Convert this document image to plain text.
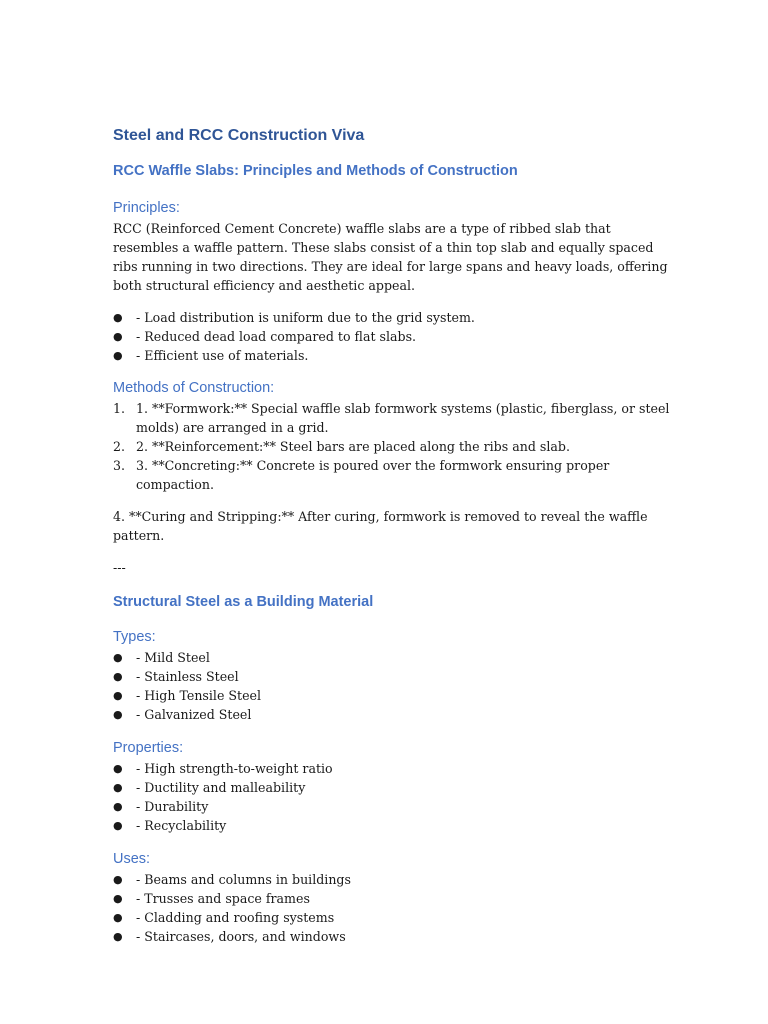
Steel and RCC Construction Viva
RCC Waffle Slabs: Principles and Methods of Construction
Principles:

RCC (Reinforced Cement Concrete) waffle slabs are a type of ribbed slab that resembles a waffle pattern. These slabs consist of a thin top slab and equally spaced ribs running in two directions. They are ideal for large spans and heavy loads, offering both structural efficiency and aesthetic appeal.

●	- Load distribution is uniform due to the grid system.
●	- Reduced dead load compared to flat slabs.
●	- Efficient use of materials.
Methods of Construction:
1. 1. **Formwork:** Special waffle slab formwork systems (plastic, fiberglass, or steel molds) are arranged in a grid.
2. 2. **Reinforcement:** Steel bars are placed along the ribs and slab.
3. 3. **Concreting:** Concrete is poured over the formwork ensuring proper compaction.

4. **Curing and Stripping:** After curing, formwork is removed to reveal the waffle pattern.

---

Structural Steel as a Building Material
Types:
●	- Mild Steel
●	- Stainless Steel
●	- High Tensile Steel
●	- Galvanized Steel
Properties:
●	- High strength-to-weight ratio
●	- Ductility and malleability
●	- Durability
●	- Recyclability
Uses:
●	- Beams and columns in buildings
●	- Trusses and space frames
●	- Cladding and roofing systems
●	- Staircases, doors, and windows
